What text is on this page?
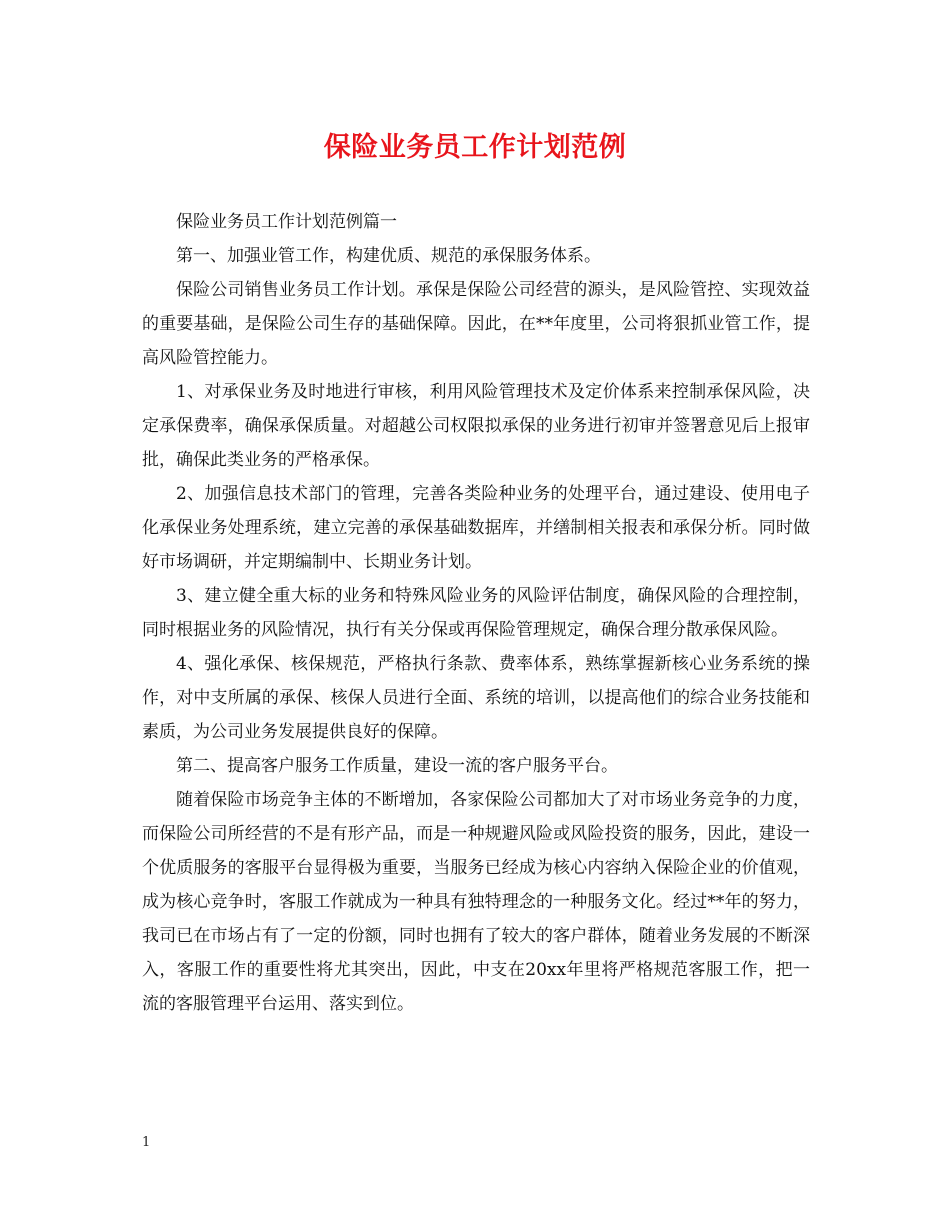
保险业务员工作计划范例

保险业务员工作计划范例篇一

第一、加强业管工作，构建优质、规范的承保服务体系。

保险公司销售业务员工作计划。承保是保险公司经营的源头，是风险管控、实现效益的重要基础，是保险公司生存的基础保障。因此，在**年度里，公司将狠抓业管工作，提高风险管控能力。

1、对承保业务及时地进行审核，利用风险管理技术及定价体系来控制承保风险，决定承保费率，确保承保质量。对超越公司权限拟承保的业务进行初审并签署意见后上报审批，确保此类业务的严格承保。

2、加强信息技术部门的管理，完善各类险种业务的处理平台，通过建设、使用电子化承保业务处理系统，建立完善的承保基础数据库，并缮制相关报表和承保分析。同时做好市场调研，并定期编制中、长期业务计划。

3、建立健全重大标的业务和特殊风险业务的风险评估制度，确保风险的合理控制，同时根据业务的风险情况，执行有关分保或再保险管理规定，确保合理分散承保风险。

4、强化承保、核保规范，严格执行条款、费率体系，熟练掌握新核心业务系统的操作，对中支所属的承保、核保人员进行全面、系统的培训，以提高他们的综合业务技能和素质，为公司业务发展提供良好的保障。

第二、提高客户服务工作质量，建设一流的客户服务平台。

随着保险市场竞争主体的不断增加，各家保险公司都加大了对市场业务竞争的力度，而保险公司所经营的不是有形产品，而是一种规避风险或风险投资的服务，因此，建设一个优质服务的客服平台显得极为重要，当服务已经成为核心内容纳入保险企业的价值观，成为核心竞争时，客服工作就成为一种具有独特理念的一种服务文化。经过**年的努力，我司已在市场占有了一定的份额，同时也拥有了较大的客户群体，随着业务发展的不断深入，客服工作的重要性将尤其突出，因此，中支在20xx年里将严格规范客服工作，把一流的客服管理平台运用、落实到位。

1
